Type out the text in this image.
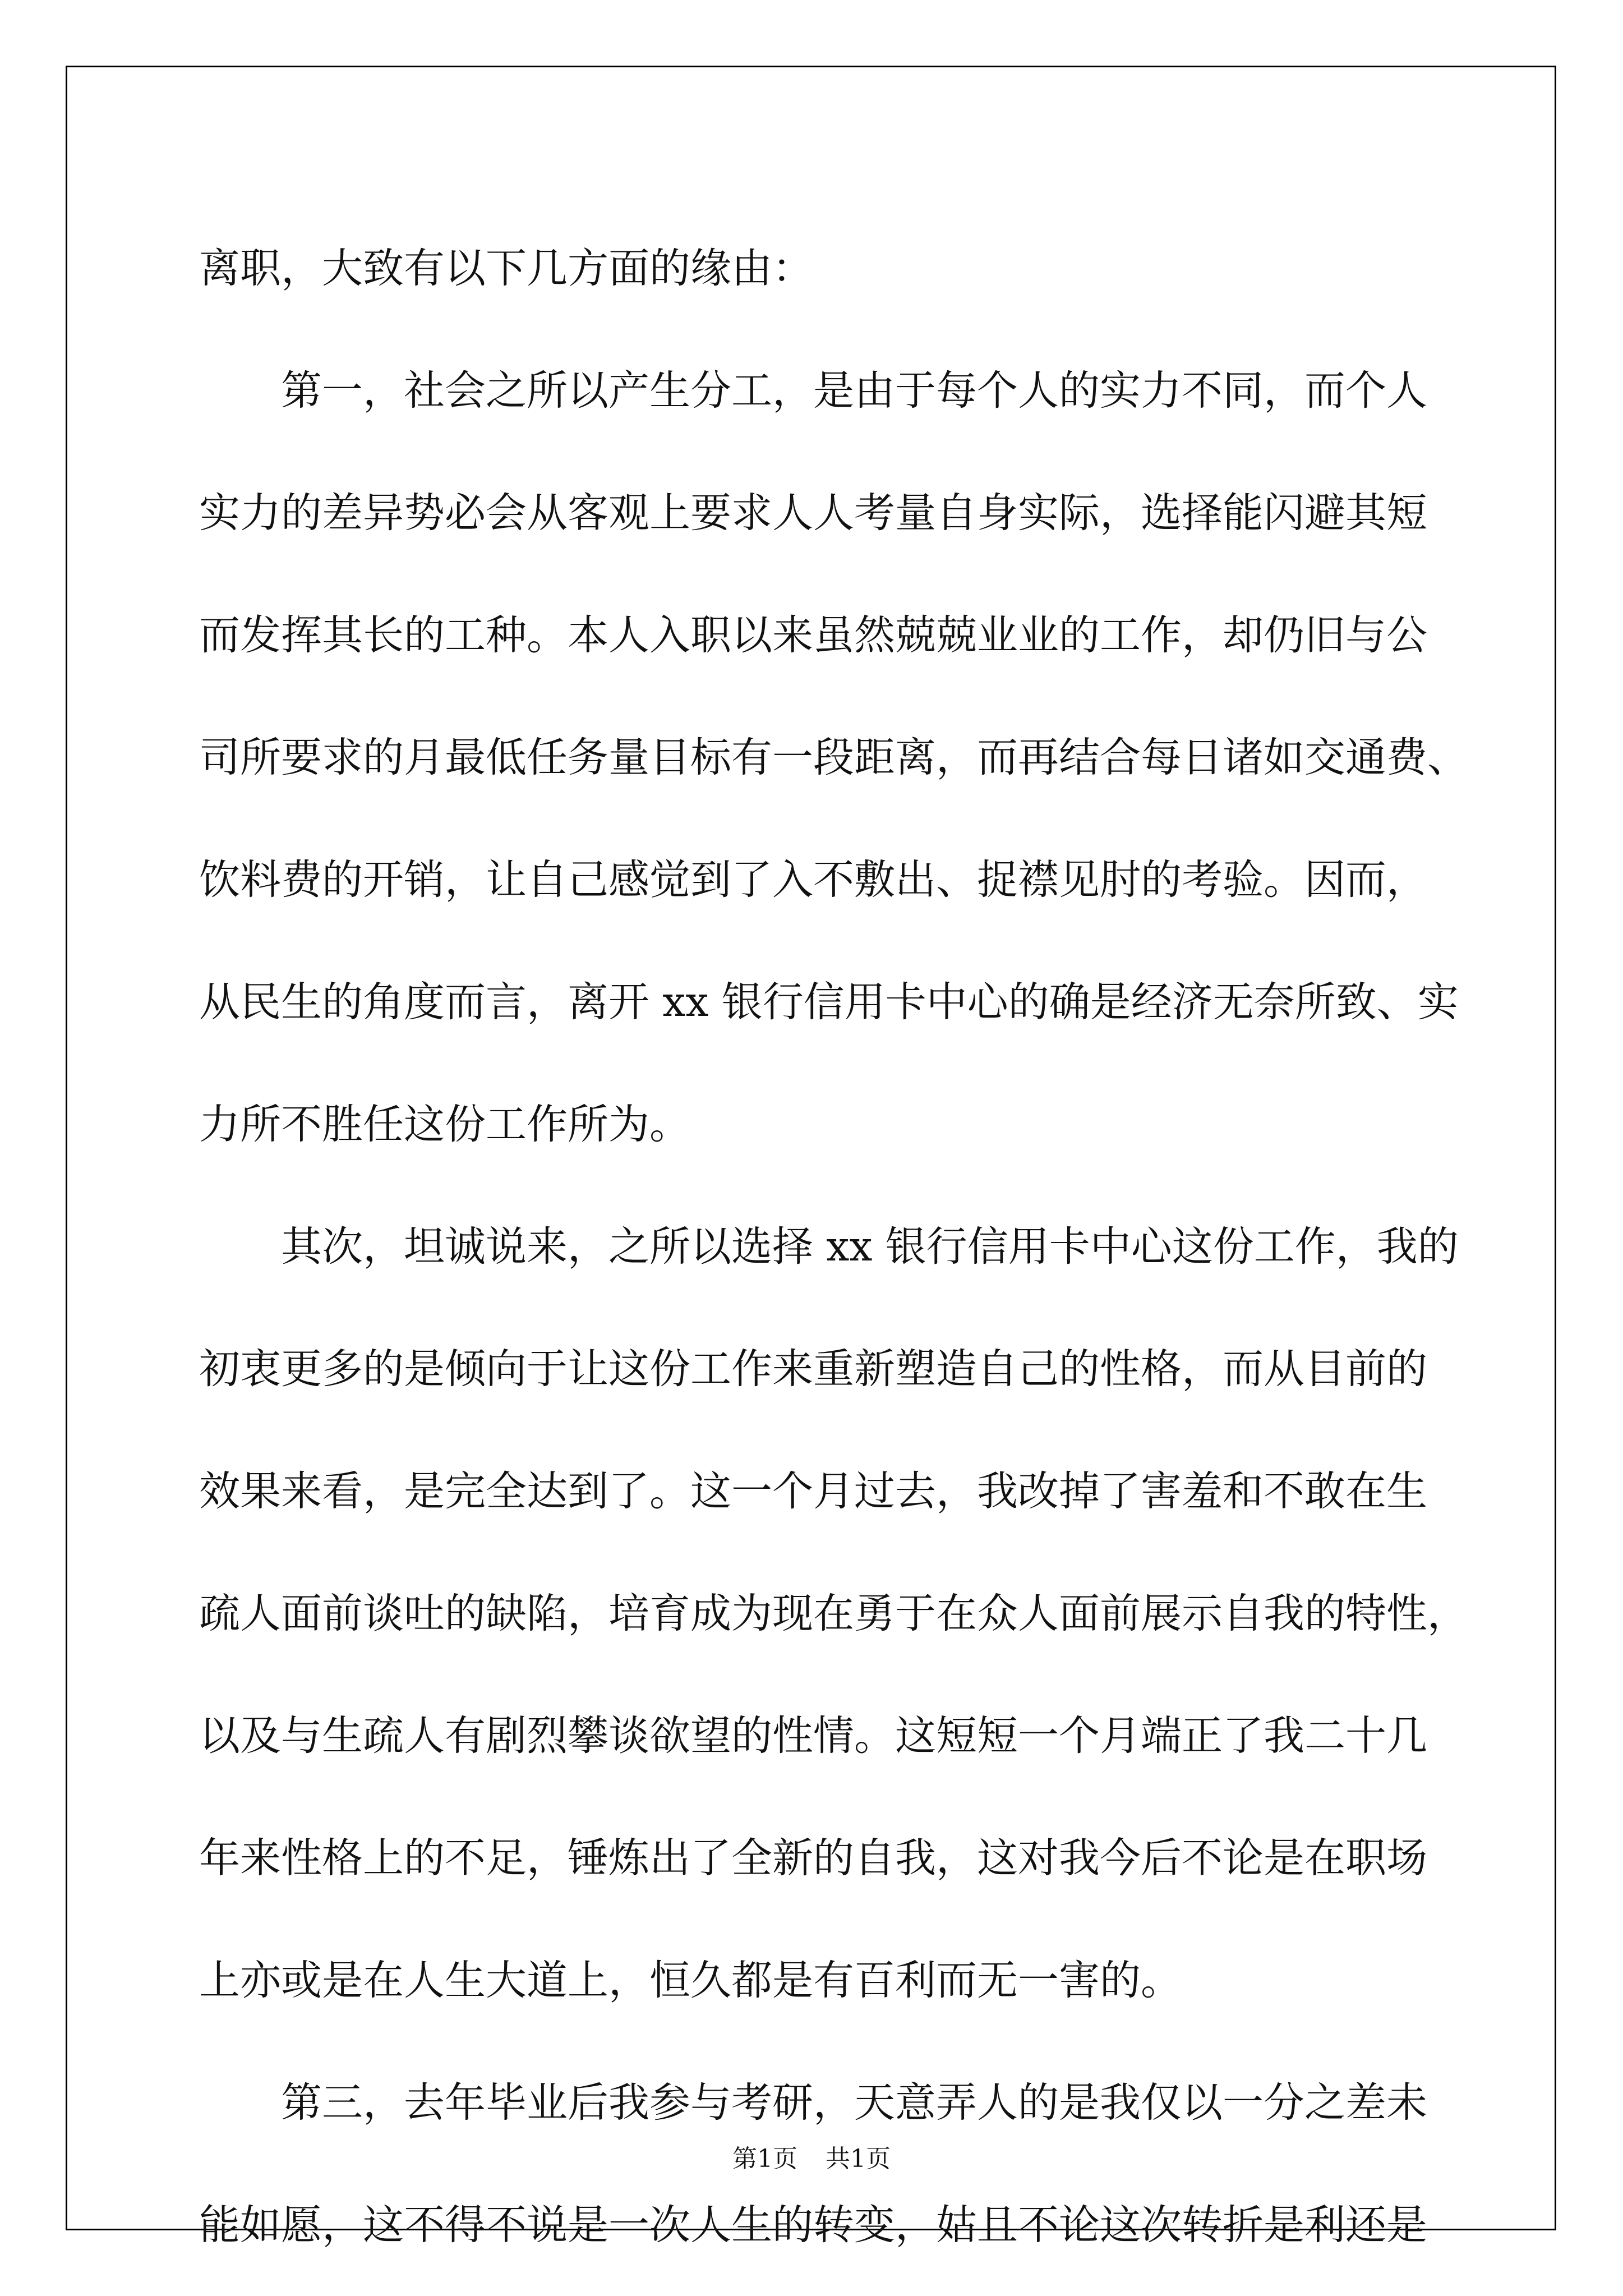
离职，大致有以下几方面的缘由：
第一，社会之所以产生分工，是由于每个人的实力不同，而个人
实力的差异势必会从客观上要求人人考量自身实际，选择能闪避其短
而发挥其长的工种。本人入职以来虽然兢兢业业的工作，却仍旧与公
司所要求的月最低任务量目标有一段距离，而再结合每日诸如交通费、
饮料费的开销，让自己感觉到了入不敷出、捉襟见肘的考验。因而，
从民生的角度而言，离开 xx 银行信用卡中心的确是经济无奈所致、实
力所不胜任这份工作所为。
其次，坦诚说来，之所以选择 xx 银行信用卡中心这份工作，我的
初衷更多的是倾向于让这份工作来重新塑造自己的性格，而从目前的
效果来看，是完全达到了。这一个月过去，我改掉了害羞和不敢在生
疏人面前谈吐的缺陷，培育成为现在勇于在众人面前展示自我的特性，
以及与生疏人有剧烈攀谈欲望的性情。这短短一个月端正了我二十几
年来性格上的不足，锤炼出了全新的自我，这对我今后不论是在职场
上亦或是在人生大道上，恒久都是有百利而无一害的。
第三，去年毕业后我参与考研，天意弄人的是我仅以一分之差未
能如愿，这不得不说是一次人生的转变，姑且不论这次转折是利还是
第1页 共1页
